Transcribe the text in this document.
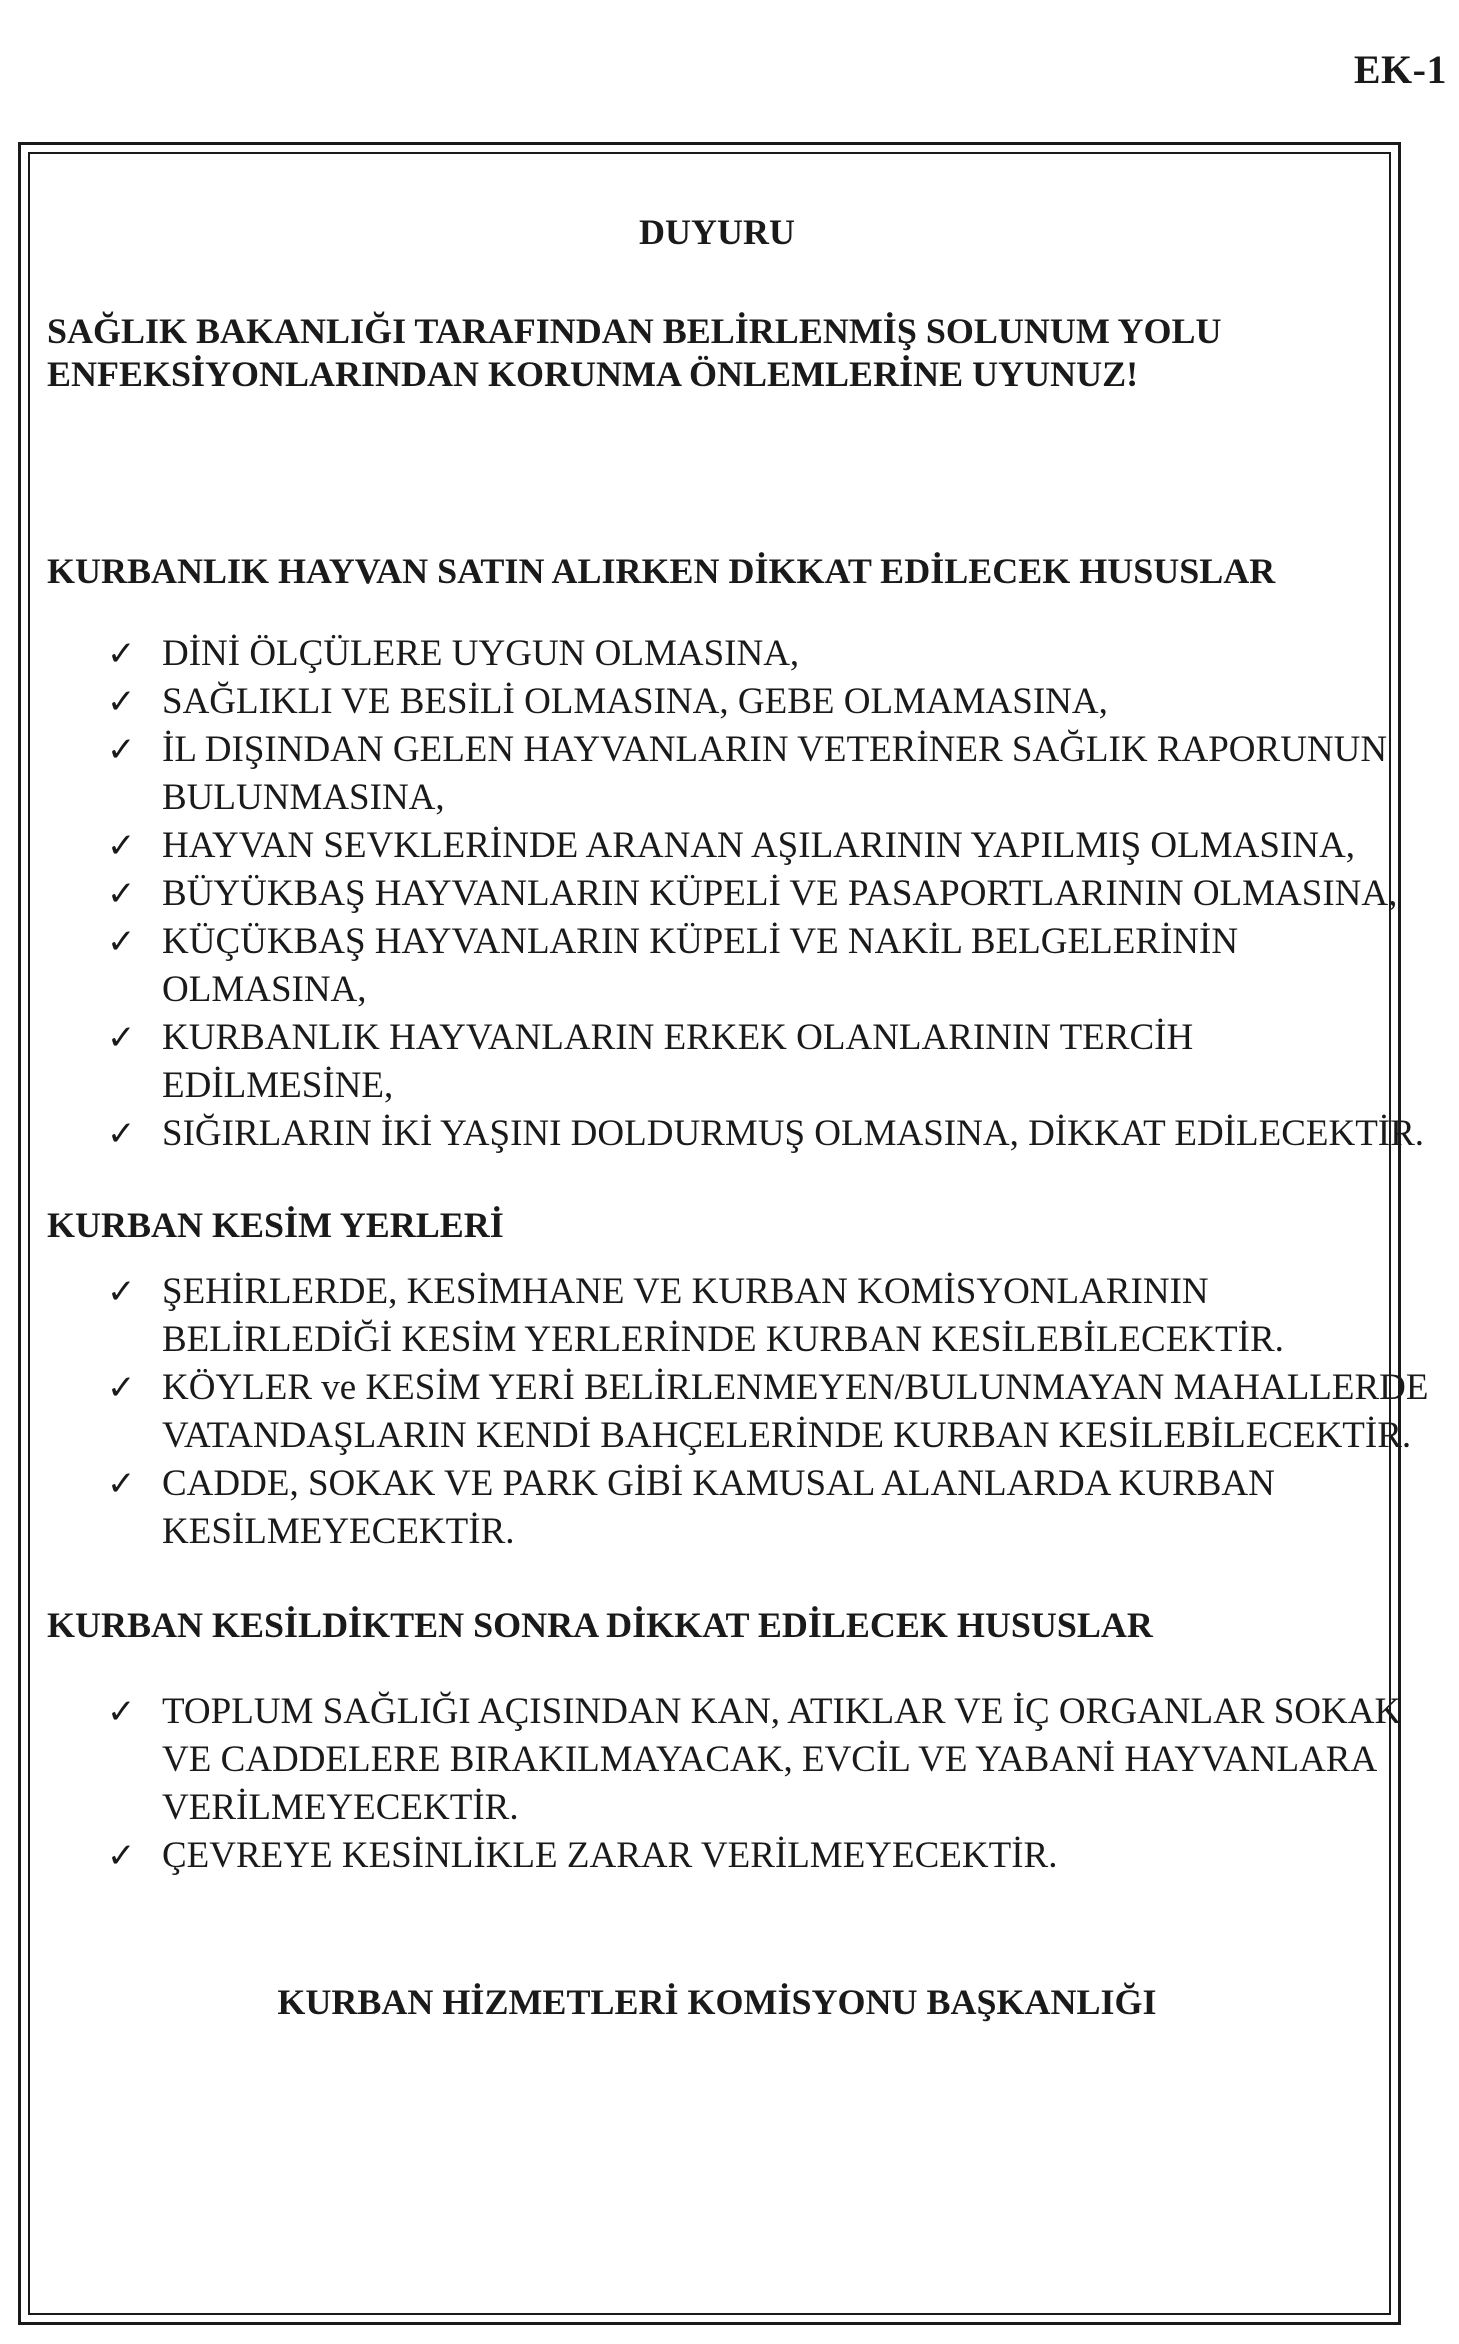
EK-1
DUYURU
SAĞLIK BAKANLIĞI TARAFINDAN BELİRLENMİŞ SOLUNUM YOLU ENFEKSİYONLARINDAN KORUNMA ÖNLEMLERİNE UYUNUZ!
KURBANLIK HAYVAN SATIN ALIRKEN DİKKAT EDİLECEK HUSUSLAR
✓ DİNİ ÖLÇÜLERE UYGUN OLMASINA,
✓ SAĞLIKLI VE BESİLİ OLMASINA, GEBE OLMAMASINA,
✓ İL DIŞINDAN GELEN HAYVANLARIN VETERİNER SAĞLIK RAPORUNUN BULUNMASINA,
✓ HAYVAN SEVKLERİNDE ARANAN AŞILARININ YAPILMIŞ OLMASINA,
✓ BÜYÜKBAŞ HAYVANLARIN KÜPELİ VE PASAPORTLARININ OLMASINA,
✓ KÜÇÜKBAŞ HAYVANLARIN KÜPELİ VE NAKİL BELGELERİNİN OLMASINA,
✓ KURBANLIK HAYVANLARIN ERKEK OLANLARININ TERCİH EDİLMESİNE,
✓ SIĞIRLARIN İKİ YAŞINI DOLDURMUŞ OLMASINA, DİKKAT EDİLECEKTİR.
KURBAN KESİM YERLERİ
✓ ŞEHİRLERDE, KESİMHANE VE KURBAN KOMİSYONLARININ BELİRLEDİĞİ KESİM YERLERİNDE KURBAN KESİLEBİLECEKTİR.
✓ KÖYLER ve KESİM YERİ BELİRLENMEYEN/BULUNMAYAN MAHALLERDE VATANDAŞLARIN KENDİ BAHÇELERİNDE KURBAN KESİLEBİLECEKTİR.
✓ CADDE, SOKAK VE PARK GİBİ KAMUSAL ALANLARDA KURBAN KESİLMEYECEKTİR.
KURBAN KESİLDİKTEN SONRA DİKKAT EDİLECEK HUSUSLAR
✓ TOPLUM SAĞLIĞI AÇISINDAN KAN, ATIKLAR VE İÇ ORGANLAR SOKAK VE CADDELERE BIRAKILMAYACAK, EVCİL VE YABANİ HAYVANLARA VERİLMEYECEKTİR.
✓ ÇEVREYE KESİNLİKLE ZARAR VERİLMEYECEKTİR.
KURBAN HİZMETLERİ KOMİSYONU BAŞKANLIĞI
